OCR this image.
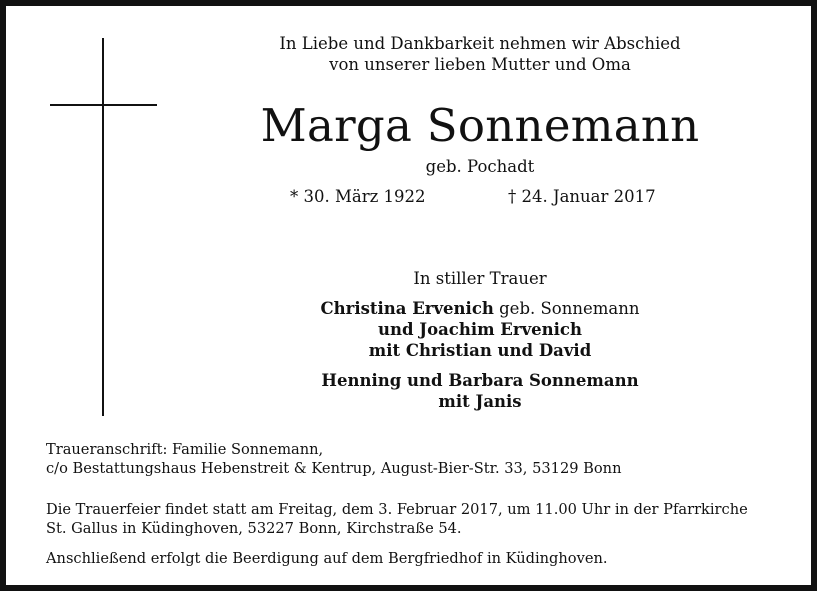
In Liebe und Dankbarkeit nehmen wir Abschied
von unserer lieben Mutter und Oma
Marga Sonnemann
geb. Pochadt
* 30. März 1922	† 24. Januar 2017
In stiller Trauer
Christina Ervenich geb. Sonnemann
und Joachim Ervenich
mit Christian und David
Henning und Barbara Sonnemann
mit Janis
Traueranschrift: Familie Sonnemann,
c/o Bestattungshaus Hebenstreit & Kentrup, August-Bier-Str. 33, 53129 Bonn
Die Trauerfeier findet statt am Freitag, dem 3. Februar 2017, um 11.00 Uhr in der Pfarrkirche
St. Gallus in Küdinghoven, 53227 Bonn, Kirchstraße 54.
Anschließend erfolgt die Beerdigung auf dem Bergfriedhof in Küdinghoven.
